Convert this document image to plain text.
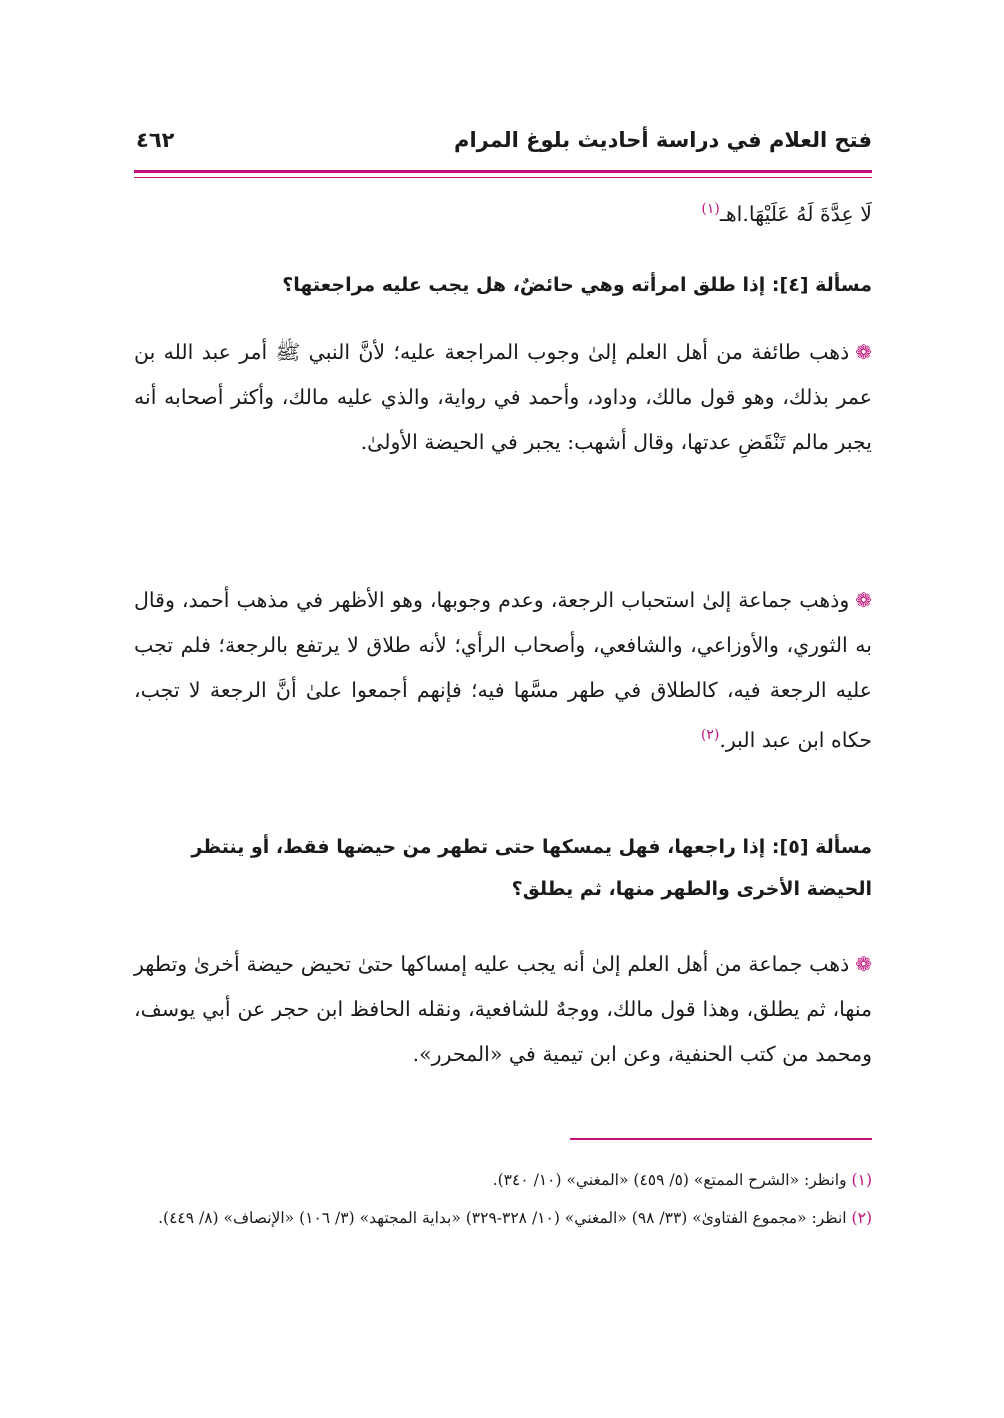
فتح العلام في دراسة أحاديث بلوغ المرام
٤٦٢

لَا عِدَّةَ لَهُ عَلَيْهَا.اهـ$^{(١)}$

مسألة [٤]: إذا طلق امرأته وهي حائضٌ، هل يجب عليه مراجعتها؟

❁ذهب طائفة من أهل العلم إلىٰ وجوب المراجعة عليه؛ لأنَّ النبي ﷺ أمر عبد الله بن عمر بذلك، وهو قول مالك، وداود، وأحمد في رواية، والذي عليه مالك، وأكثر أصحابه أنه يجبر مالم تَنْقَضِ عدتها، وقال أشهب: يجبر في الحيضة الأولىٰ.

❁وذهب جماعة إلىٰ استحباب الرجعة، وعدم وجوبها، وهو الأظهر في مذهب أحمد، وقال به الثوري، والأوزاعي، والشافعي، وأصحاب الرأي؛ لأنه طلاق لا يرتفع بالرجعة؛ فلم تجب عليه الرجعة فيه، كالطلاق في طهر مسَّها فيه؛ فإنهم أجمعوا علىٰ أنَّ الرجعة لا تجب، حكاه ابن عبد البر.$^{(٢)}$

مسألة [٥]: إذا راجعها، فهل يمسكها حتى تطهر من حيضها فقط، أو ينتظر الحيضة الأخرى والطهر منها، ثم يطلق؟

❁ذهب جماعة من أهل العلم إلىٰ أنه يجب عليه إمساكها حتىٰ تحيض حيضة أخرىٰ وتطهر منها، ثم يطلق، وهذا قول مالك، ووجهٌ للشافعية، ونقله الحافظ ابن حجر عن أبي يوسف، ومحمد من كتب الحنفية، وعن ابن تيمية في «المحرر».

(١) وانظر: «الشرح الممتع» (٥/ ٤٥٩) «المغني» (١٠/ ٣٤٠).

(٢) انظر: «مجموع الفتاوىٰ» (٣٣/ ٩٨) «المغني» (١٠/ ٣٢٨-٣٢٩) «بداية المجتهد» (٣/ ١٠٦) «الإنصاف» (٨/ ٤٤٩).
